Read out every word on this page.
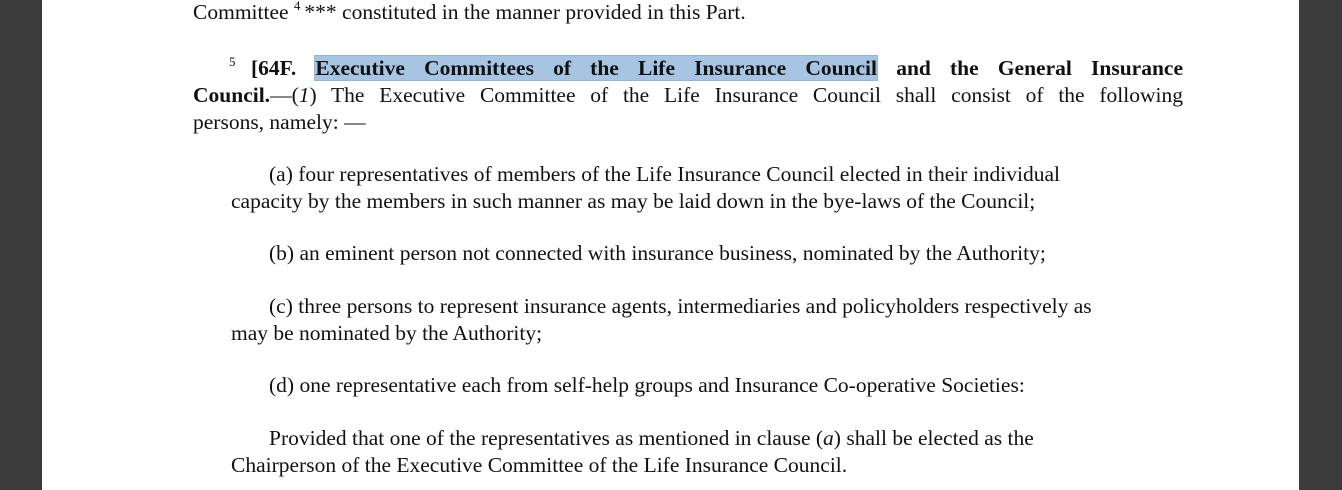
Committee $^4$ *** constituted in the manner provided in this Part.
$^5$ [64F. Executive Committees of the Life Insurance Council and the General Insurance
Council.—(1) The Executive Committee of the Life Insurance Council shall consist of the following
persons, namely: —
(a) four representatives of members of the Life Insurance Council elected in their individual
capacity by the members in such manner as may be laid down in the bye-laws of the Council;
(b) an eminent person not connected with insurance business, nominated by the Authority;
(c) three persons to represent insurance agents, intermediaries and policyholders respectively as
may be nominated by the Authority;
(d) one representative each from self-help groups and Insurance Co-operative Societies:
Provided that one of the representatives as mentioned in clause (a) shall be elected as the
Chairperson of the Executive Committee of the Life Insurance Council.
